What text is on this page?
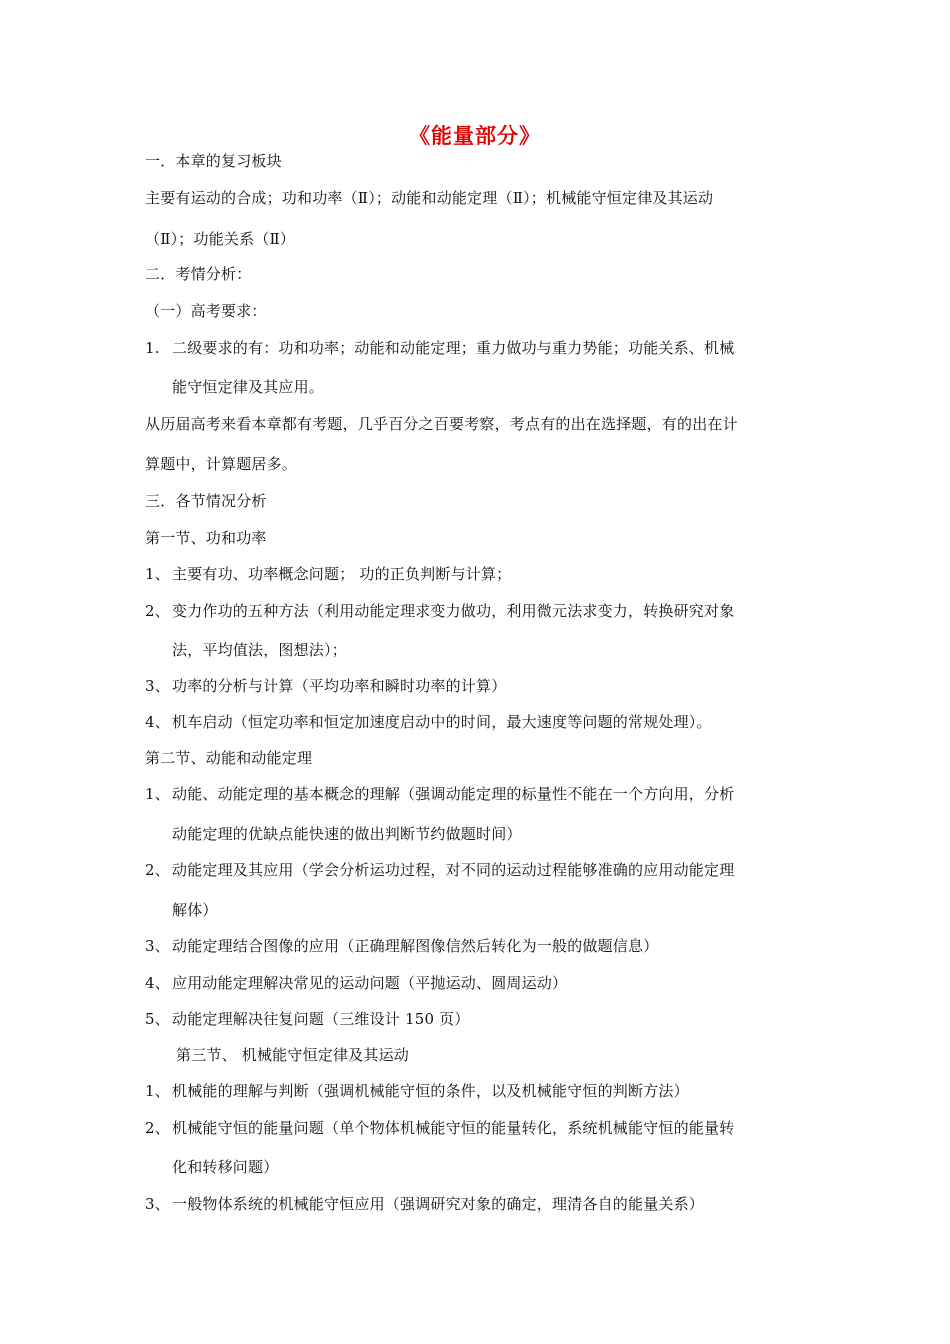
《能量部分》
一．本章的复习板块
主要有运动的合成；功和功率（Ⅱ）；动能和动能定理（Ⅱ）；机械能守恒定律及其运动
（Ⅱ）；功能关系（Ⅱ）
二．考情分析：
（一）高考要求：
1. 二级要求的有：功和功率；动能和动能定理；重力做功与重力势能；功能关系、机械
能守恒定律及其应用。
从历届高考来看本章都有考题，几乎百分之百要考察，考点有的出在选择题，有的出在计
算题中，计算题居多。
三．各节情况分析
第一节、功和功率
1、 主要有功、功率概念问题； 功的正负判断与计算；
2、 变力作功的五种方法（利用动能定理求变力做功，利用微元法求变力，转换研究对象
法，平均值法，图想法）；
3、 功率的分析与计算（平均功率和瞬时功率的计算）
4、 机车启动（恒定功率和恒定加速度启动中的时间，最大速度等问题的常规处理）。
第二节、动能和动能定理
1、 动能、动能定理的基本概念的理解（强调动能定理的标量性不能在一个方向用，分析
动能定理的优缺点能快速的做出判断节约做题时间）
2、 动能定理及其应用（学会分析运功过程，对不同的运动过程能够准确的应用动能定理
解体）
3、 动能定理结合图像的应用（正确理解图像信然后转化为一般的做题信息）
4、 应用动能定理解决常见的运动问题（平抛运动、圆周运动）
5、 动能定理解决往复问题（三维设计 150 页）
第三节、 机械能守恒定律及其运动
1、 机械能的理解与判断（强调机械能守恒的条件，以及机械能守恒的判断方法）
2、 机械能守恒的能量问题（单个物体机械能守恒的能量转化，系统机械能守恒的能量转
化和转移问题）
3、 一般物体系统的机械能守恒应用（强调研究对象的确定，理清各自的能量关系）
